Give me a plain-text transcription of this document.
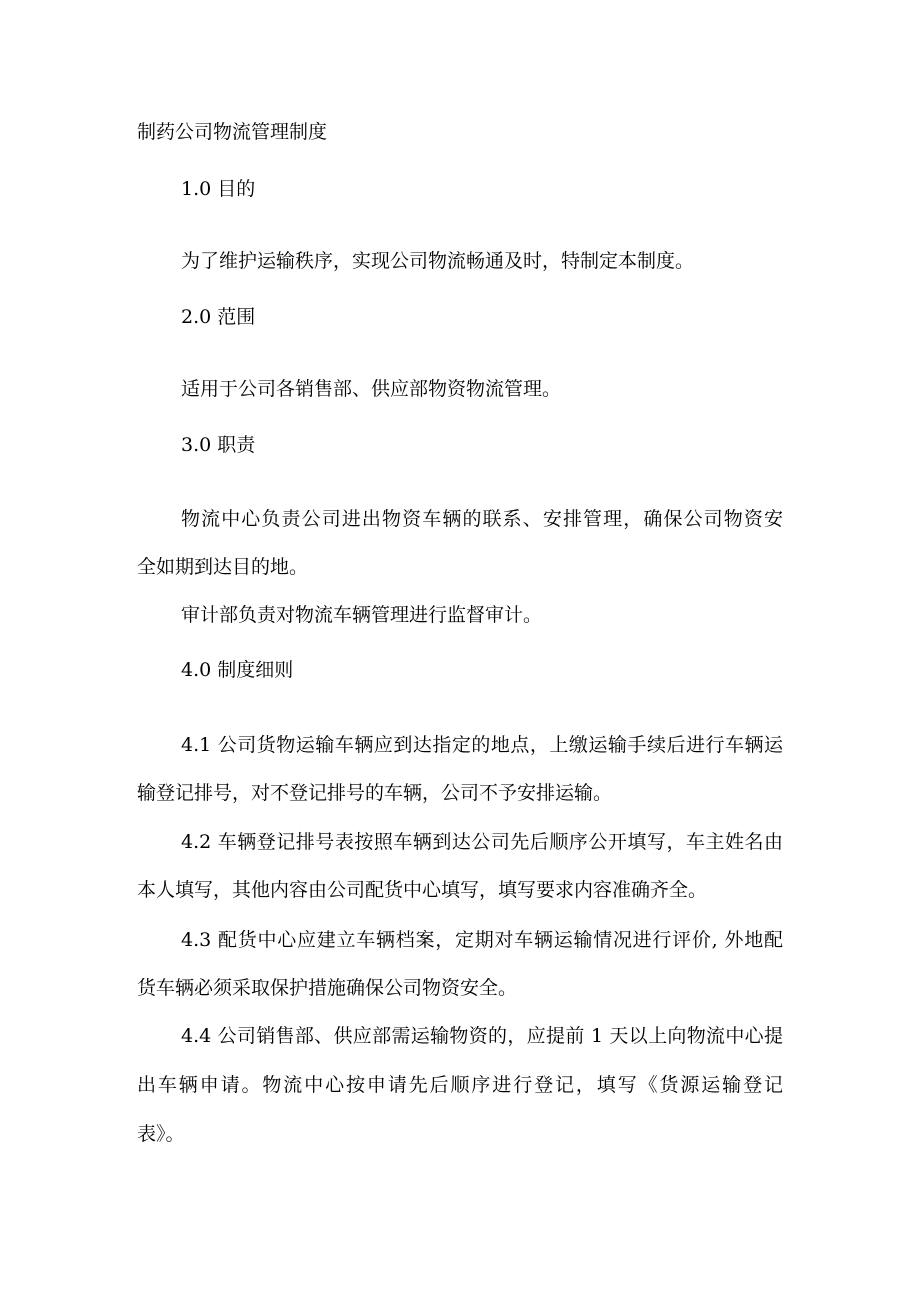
制药公司物流管理制度

1.0 目的

为了维护运输秩序，实现公司物流畅通及时，特制定本制度。

2.0 范围

适用于公司各销售部、供应部物资物流管理。

3.0 职责

物流中心负责公司进出物资车辆的联系、安排管理，确保公司物资安

全如期到达目的地。

审计部负责对物流车辆管理进行监督审计。

4.0 制度细则

4.1 公司货物运输车辆应到达指定的地点，上缴运输手续后进行车辆运

输登记排号，对不登记排号的车辆，公司不予安排运输。

4.2 车辆登记排号表按照车辆到达公司先后顺序公开填写，车主姓名由

本人填写，其他内容由公司配货中心填写，填写要求内容准确齐全。

4.3 配货中心应建立车辆档案，定期对车辆运输情况进行评价, 外地配

货车辆必须采取保护措施确保公司物资安全。

4.4 公司销售部、供应部需运输物资的，应提前 1 天以上向物流中心提

出车辆申请。物流中心按申请先后顺序进行登记，填写《货源运输登记

表》。
